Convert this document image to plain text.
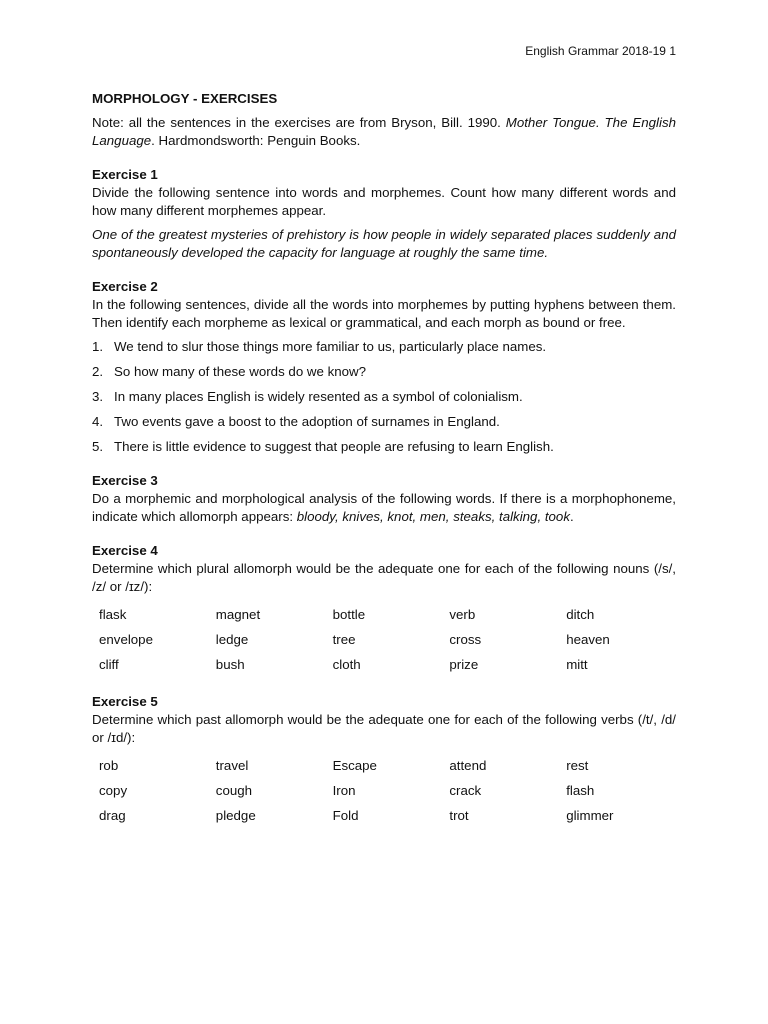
English Grammar 2018-19 1
MORPHOLOGY - EXERCISES
Note: all the sentences in the exercises are from Bryson, Bill. 1990. Mother Tongue. The English Language. Hardmondsworth: Penguin Books.
Exercise 1

Divide the following sentence into words and morphemes. Count how many different words and how many different morphemes appear.

One of the greatest mysteries of prehistory is how people in widely separated places suddenly and spontaneously developed the capacity for language at roughly the same time.

Exercise 2

In the following sentences, divide all the words into morphemes by putting hyphens between them. Then identify each morpheme as lexical or grammatical, and each morph as bound or free.

1. We tend to slur those things more familiar to us, particularly place names.
2. So how many of these words do we know?
3. In many places English is widely resented as a symbol of colonialism.
4. Two events gave a boost to the adoption of surnames in England.
5. There is little evidence to suggest that people are refusing to learn English.
Exercise 3

Do a morphemic and morphological analysis of the following words. If there is a morphophoneme, indicate which allomorph appears: bloody, knives, knot, men, steaks, talking, took.

Exercise 4

Determine which plural allomorph would be the adequate one for each of the following nouns (/s/, /z/ or /ɪz/):

flask	magnet	bottle	verb	ditch
envelope	ledge	tree	cross	heaven
cliff	bush	cloth	prize	mitt
Exercise 5

Determine which past allomorph would be the adequate one for each of the following verbs (/t/, /d/ or /ɪd/):

rob	travel	Escape	attend	rest
copy	cough	Iron	crack	flash
drag	pledge	Fold	trot	glimmer
